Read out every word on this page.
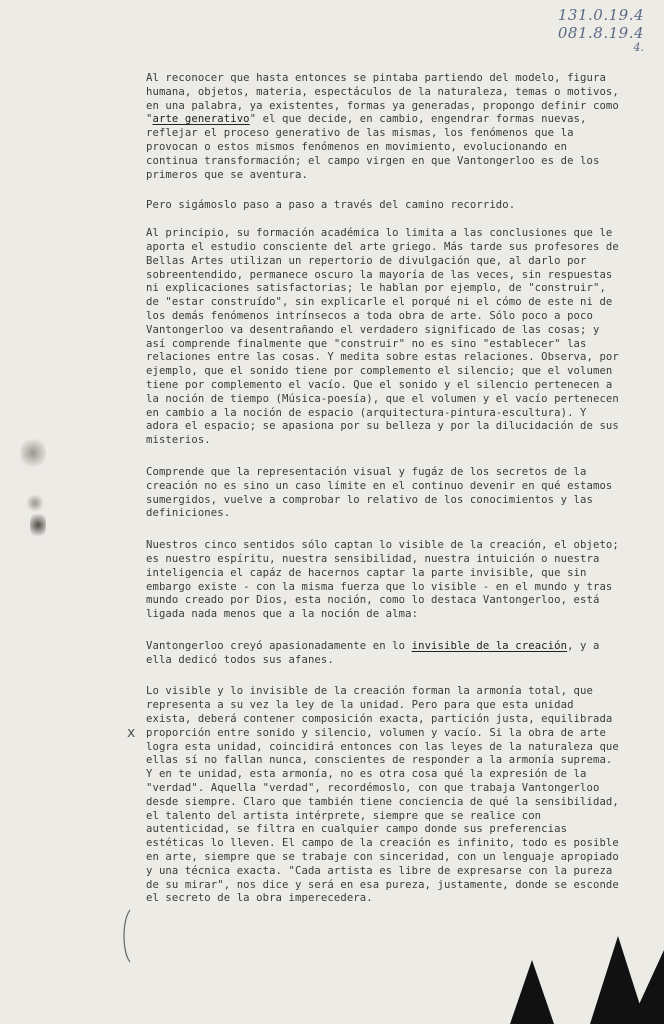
131.0.19.4
081.8.19.4
4.

Al reconocer que hasta entonces se pintaba partiendo del modelo, figura humana, objetos, materia, espectáculos de la naturaleza, temas o motivos, en una palabra, ya existentes, formas ya generadas, propongo definir como "arte generativo" el que decide, en cambio, engendrar formas nuevas, reflejar el proceso generativo de las mismas, los fenómenos que la provocan o estos mismos fenómenos en movimiento, evolucionando en continua transformación; el campo virgen en que Vantongerloo es de los primeros que se aventura.

Pero sigámoslo paso a paso a través del camino recorrido.

Al principio, su formación académica lo limita a las conclusiones que le aporta el estudio consciente del arte griego. Más tarde sus profesores de Bellas Artes utilizan un repertorio de divulgación que, al darlo por sobreentendido, permanece oscuro la mayoría de las veces, sin respuestas ni explicaciones satisfactorias; le hablan por ejemplo, de "construir", de "estar construído", sin explicarle el porqué ni el cómo de este ni de los demás fenómenos intrínsecos a toda obra de arte. Sólo poco a poco Vantongerloo va desentrañando el verdadero significado de las cosas; y así comprende finalmente que "construir" no es sino "establecer" las relaciones entre las cosas. Y medita sobre estas relaciones. Observa, por ejemplo, que el sonido tiene por complemento el silencio; que el volumen tiene por complemento el vacío. Que el sonido y el silencio pertenecen a la noción de tiempo (Música-poesía), que el volumen y el vacío pertenecen en cambio a la noción de espacio (arquitectura-pintura-escultura). Y adora el espacio; se apasiona por su belleza y por la dilucidación de sus misterios.

Comprende que la representación visual y fugáz de los secretos de la creación no es sino un caso límite en el continuo devenir en qué estamos sumergidos, vuelve a comprobar lo relativo de los conocimientos y las definiciones.

Nuestros cinco sentidos sólo captan lo visible de la creación, el objeto; es nuestro espíritu, nuestra sensibilidad, nuestra intuición o nuestra inteligencia el capáz de hacernos captar la parte invisible, que sin embargo existe - con la misma fuerza que lo visible - en el mundo y tras mundo creado por Dios, esta noción, como lo destaca Vantongerloo, está ligada nada menos que a la noción de alma:

Vantongerloo creyó apasionadamente en lo invisible de la creación, y a ella dedicó todos sus afanes.

Lo visible y lo invisible de la creación forman la armonía total, que representa a su vez la ley de la unidad. Pero para que esta unidad exista, deberá contener composición exacta, partición justa, equilibrada proporción entre sonido y silencio, volumen y vacío. Si la obra de arte logra esta unidad, coincidirá entonces con las leyes de la naturaleza que ellas sí no fallan nunca, conscientes de responder a la armonía suprema. Y en te unidad, esta armonía, no es otra cosa qué la expresión de la "verdad". Aquella "verdad", recordémoslo, con que trabaja Vantongerloo desde siempre. Claro que también tiene conciencia de qué la sensibilidad, el talento del artista intérprete, siempre que se realice con autenticidad, se filtra en cualquier campo donde sus preferencias estéticas lo lleven. El campo de la creación es infinito, todo es posible en arte, siempre que se trabaje con sinceridad, con un lenguaje apropiado y una técnica exacta. "Cada artista es libre de expresarse con la pureza de su mirar", nos dice y será en esa pureza, justamente, donde se esconde el secreto de la obra imperecedera.

x
